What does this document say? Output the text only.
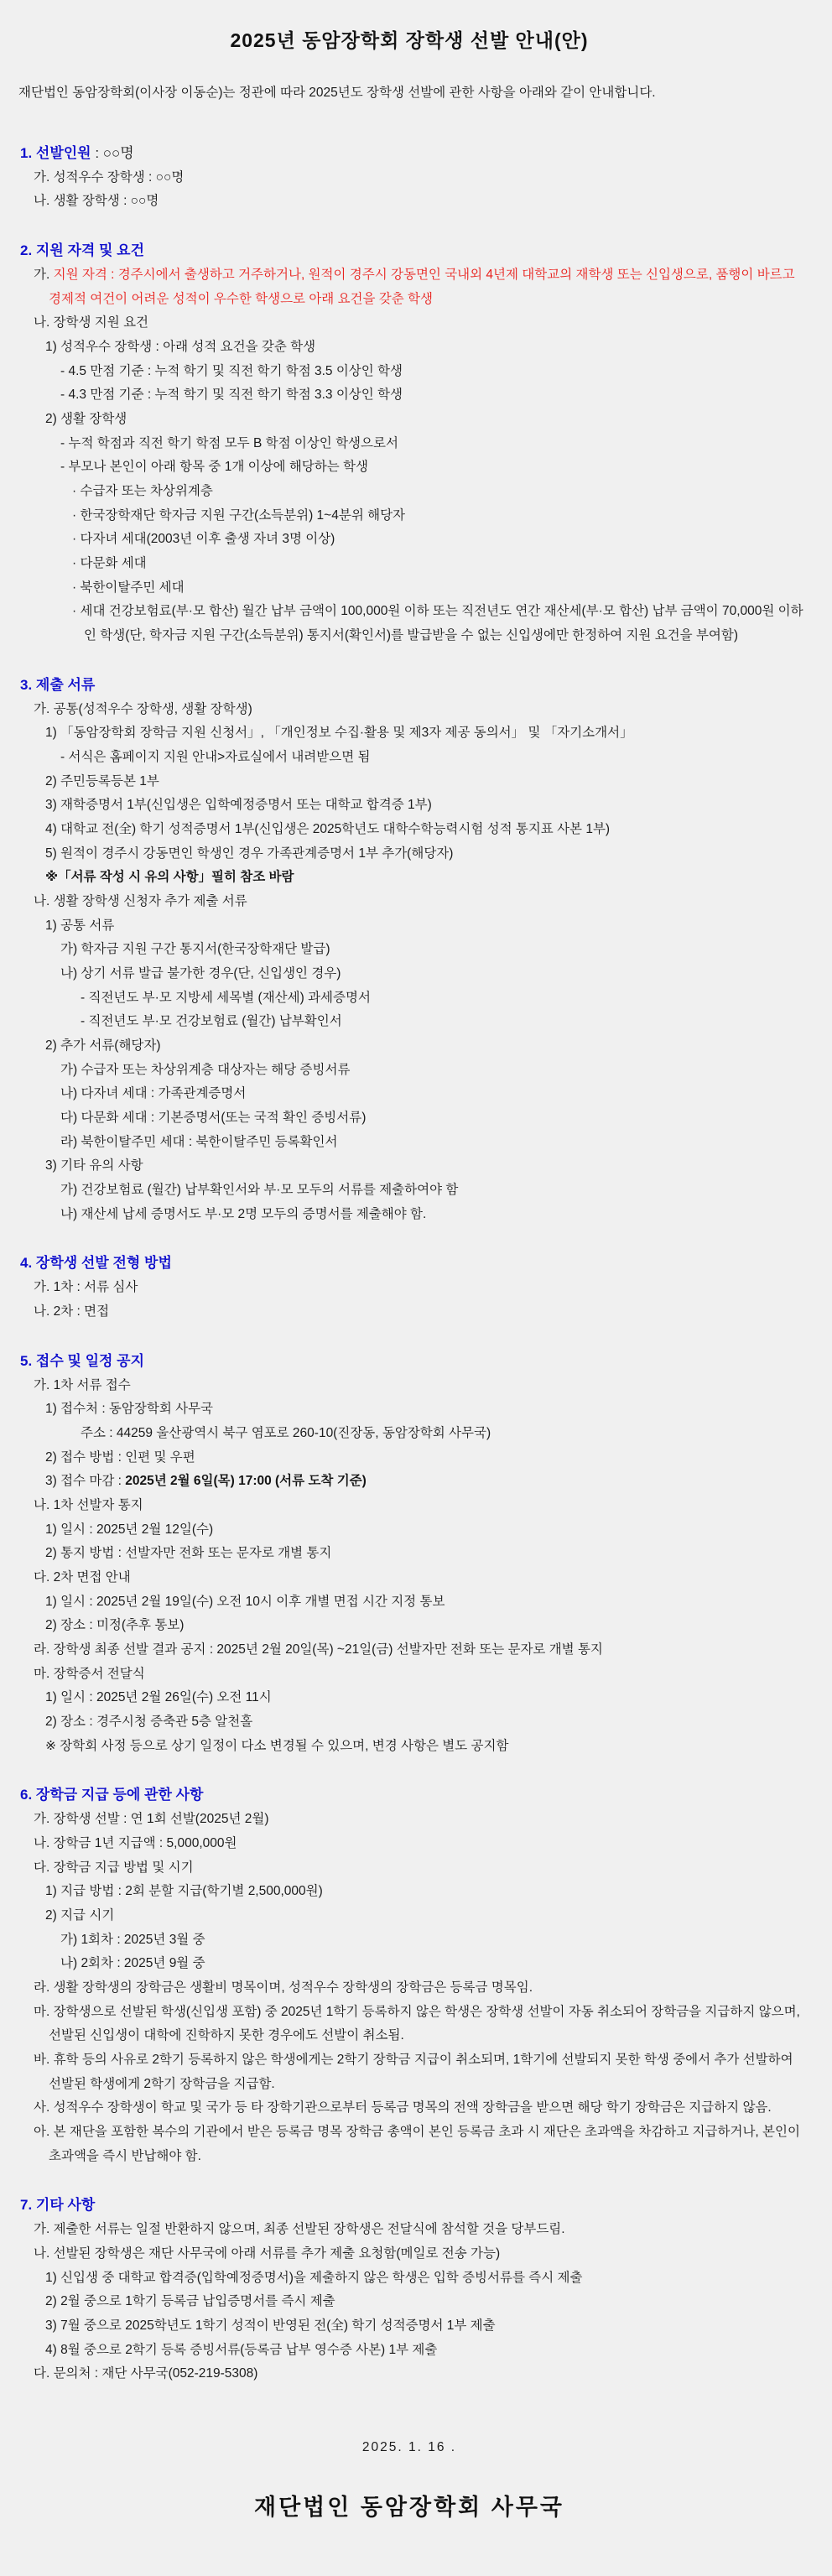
2025년 동암장학회 장학생 선발 안내(안)

재단법인 동암장학회(이사장 이동순)는 정관에 따라 2025년도 장학생 선발에 관한 사항을 아래와 같이 안내합니다.

1. 선발인원 : ○○명

가. 성적우수 장학생 : ○○명

나. 생활 장학생 : ○○명

2. 지원 자격 및 요건

가. 지원 자격 : 경주시에서 출생하고 거주하거나, 원적이 경주시 강동면인 국내외 4년제 대학교의 재학생 또는 신입생으로, 품행이 바르고 경제적 여건이 어려운 성적이 우수한 학생으로 아래 요건을 갖춘 학생

나. 장학생 지원 요건

1) 성적우수 장학생 : 아래 성적 요건을 갖춘 학생

- 4.5 만점 기준 : 누적 학기 및 직전 학기 학점 3.5 이상인 학생

- 4.3 만점 기준 : 누적 학기 및 직전 학기 학점 3.3 이상인 학생

2) 생활 장학생

- 누적 학점과 직전 학기 학점 모두 B 학점 이상인 학생으로서

- 부모나 본인이 아래 항목 중 1개 이상에 해당하는 학생

· 수급자 또는 차상위계층

· 한국장학재단 학자금 지원 구간(소득분위) 1~4분위 해당자

· 다자녀 세대(2003년 이후 출생 자녀 3명 이상)

· 다문화 세대

· 북한이탈주민 세대

· 세대 건강보험료(부·모 합산) 월간 납부 금액이 100,000원 이하 또는 직전년도 연간 재산세(부·모 합산) 납부 금액이 70,000원 이하인 학생(단, 학자금 지원 구간(소득분위) 통지서(확인서)를 발급받을 수 없는 신입생에만 한정하여 지원 요건을 부여함)

3. 제출 서류

가. 공통(성적우수 장학생, 생활 장학생)

1) 「동암장학회 장학금 지원 신청서」, 「개인정보 수집·활용 및 제3자 제공 동의서」 및 「자기소개서」

- 서식은 홈페이지 지원 안내>자료실에서 내려받으면 됨

2) 주민등록등본 1부

3) 재학증명서 1부(신입생은 입학예정증명서 또는 대학교 합격증 1부)

4) 대학교 전(全) 학기 성적증명서 1부(신입생은 2025학년도 대학수학능력시험 성적 통지표 사본 1부)

5) 원적이 경주시 강동면인 학생인 경우 가족관계증명서 1부 추가(해당자)

※「서류 작성 시 유의 사항」필히 참조 바람

나. 생활 장학생 신청자 추가 제출 서류

1) 공통 서류

가) 학자금 지원 구간 통지서(한국장학재단 발급)

나) 상기 서류 발급 불가한 경우(단, 신입생인 경우)

- 직전년도 부·모 지방세 세목별 (재산세) 과세증명서

- 직전년도 부·모 건강보험료 (월간) 납부확인서

2) 추가 서류(해당자)

가) 수급자 또는 차상위계층 대상자는 해당 증빙서류

나) 다자녀 세대 : 가족관계증명서

다) 다문화 세대 : 기본증명서(또는 국적 확인 증빙서류)

라) 북한이탈주민 세대 : 북한이탈주민 등록확인서

3) 기타 유의 사항

가) 건강보험료 (월간) 납부확인서와 부·모 모두의 서류를 제출하여야 함

나) 재산세 납세 증명서도 부·모 2명 모두의 증명서를 제출해야 함.

4. 장학생 선발 전형 방법

가. 1차 : 서류 심사

나. 2차 : 면접

5. 접수 및 일정 공지

가. 1차 서류 접수

1) 접수처 : 동암장학회 사무국

주소 : 44259 울산광역시 북구 염포로 260-10(진장동, 동암장학회 사무국)

2) 접수 방법 : 인편 및 우편

3) 접수 마감 : 2025년 2월 6일(목) 17:00 (서류 도착 기준)

나. 1차 선발자 통지

1) 일시 : 2025년 2월 12일(수)

2) 통지 방법 : 선발자만 전화 또는 문자로 개별 통지

다. 2차 면접 안내

1) 일시 : 2025년 2월 19일(수) 오전 10시 이후 개별 면접 시간 지정 통보

2) 장소 : 미정(추후 통보)

라. 장학생 최종 선발 결과 공지 : 2025년 2월 20일(목) ~21일(금) 선발자만 전화 또는 문자로 개별 통지

마. 장학증서 전달식

1) 일시 : 2025년 2월 26일(수) 오전 11시

2) 장소 : 경주시청 증축관 5층 알천홀

※ 장학회 사정 등으로 상기 일정이 다소 변경될 수 있으며, 변경 사항은 별도 공지함

6. 장학금 지급 등에 관한 사항

가. 장학생 선발 : 연 1회 선발(2025년 2월)

나. 장학금 1년 지급액 : 5,000,000원

다. 장학금 지급 방법 및 시기

1) 지급 방법 : 2회 분할 지급(학기별 2,500,000원)

2) 지급 시기

가) 1회차 : 2025년 3월 중

나) 2회차 : 2025년 9월 중

라. 생활 장학생의 장학금은 생활비 명목이며, 성적우수 장학생의 장학금은 등록금 명목임.

마. 장학생으로 선발된 학생(신입생 포함) 중 2025년 1학기 등록하지 않은 학생은 장학생 선발이 자동 취소되어 장학금을 지급하지 않으며, 선발된 신입생이 대학에 진학하지 못한 경우에도 선발이 취소됨.

바. 휴학 등의 사유로 2학기 등록하지 않은 학생에게는 2학기 장학금 지급이 취소되며, 1학기에 선발되지 못한 학생 중에서 추가 선발하여 선발된 학생에게 2학기 장학금을 지급함.

사. 성적우수 장학생이 학교 및 국가 등 타 장학기관으로부터 등록금 명목의 전액 장학금을 받으면 해당 학기 장학금은 지급하지 않음.

아. 본 재단을 포함한 복수의 기관에서 받은 등록금 명목 장학금 총액이 본인 등록금 초과 시 재단은 초과액을 차감하고 지급하거나, 본인이 초과액을 즉시 반납해야 함.

7. 기타 사항

가. 제출한 서류는 일절 반환하지 않으며, 최종 선발된 장학생은 전달식에 참석할 것을 당부드림.

나. 선발된 장학생은 재단 사무국에 아래 서류를 추가 제출 요청함(메일로 전송 가능)

1) 신입생 중 대학교 합격증(입학예정증명서)을 제출하지 않은 학생은 입학 증빙서류를 즉시 제출

2) 2월 중으로 1학기 등록금 납입증명서를 즉시 제출

3) 7월 중으로 2025학년도 1학기 성적이 반영된 전(全) 학기 성적증명서 1부 제출

4) 8월 중으로 2학기 등록 증빙서류(등록금 납부 영수증 사본) 1부 제출

다. 문의처 : 재단 사무국(052-219-5308)

2025. 1. 16 .

재단법인 동암장학회 사무국
